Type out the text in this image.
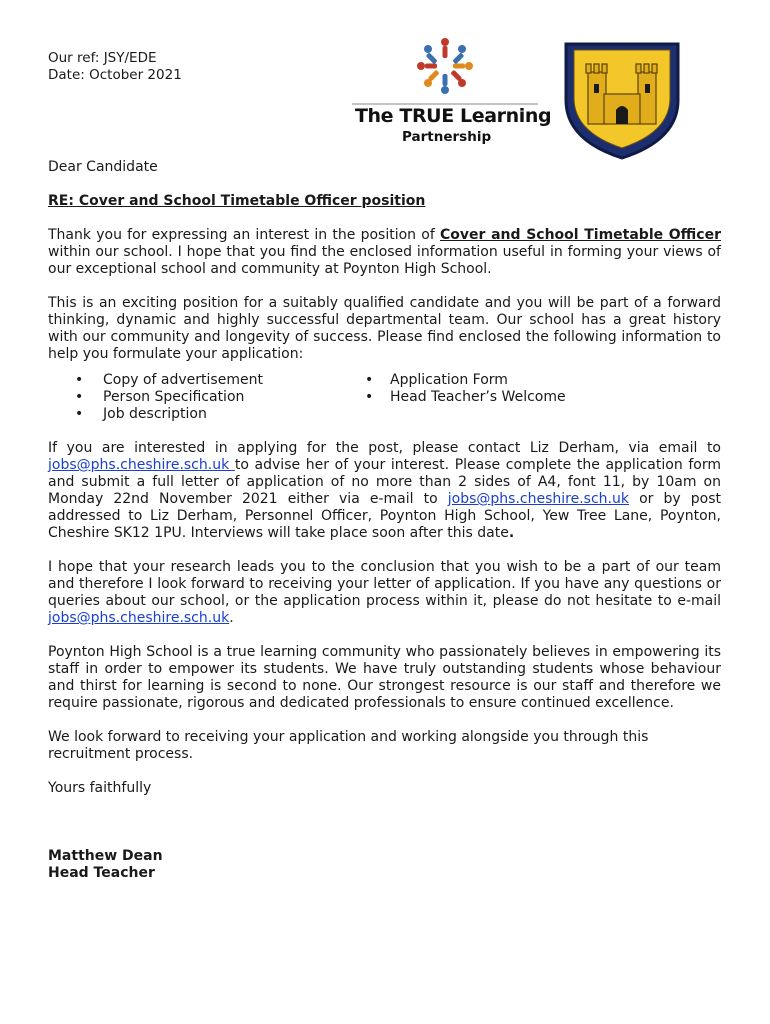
Our ref: JSY/EDE
Date: October 2021
The TRUE Learning
Partnership

Dear Candidate

RE: Cover and School Timetable Officer position

Thank you for expressing an interest in the position of Cover and School Timetable Officer within our school. I hope that you find the enclosed information useful in forming your views of our exceptional school and community at Poynton High School.

This is an exciting position for a suitably qualified candidate and you will be part of a forward thinking, dynamic and highly successful departmental team. Our school has a great history with our community and longevity of success. Please find enclosed the following information to help you formulate your application:

• Copy of advertisement
• Person Specification
• Job description
• Application Form
• Head Teacher’s Welcome

If you are interested in applying for the post, please contact Liz Derham, via email to jobs@phs.cheshire.sch.uk to advise her of your interest. Please complete the application form and submit a full letter of application of no more than 2 sides of A4, font 11, by 10am on Monday 22nd November 2021 either via e-mail to jobs@phs.cheshire.sch.uk or by post addressed to Liz Derham, Personnel Officer, Poynton High School, Yew Tree Lane, Poynton, Cheshire SK12 1PU. Interviews will take place soon after this date.

I hope that your research leads you to the conclusion that you wish to be a part of our team and therefore I look forward to receiving your letter of application. If you have any questions or queries about our school, or the application process within it, please do not hesitate to e-mail jobs@phs.cheshire.sch.uk.

Poynton High School is a true learning community who passionately believes in empowering its staff in order to empower its students. We have truly outstanding students whose behaviour and thirst for learning is second to none. Our strongest resource is our staff and therefore we require passionate, rigorous and dedicated professionals to ensure continued excellence.

We look forward to receiving your application and working alongside you through this recruitment process.

Yours faithfully

Matthew Dean
Head Teacher
